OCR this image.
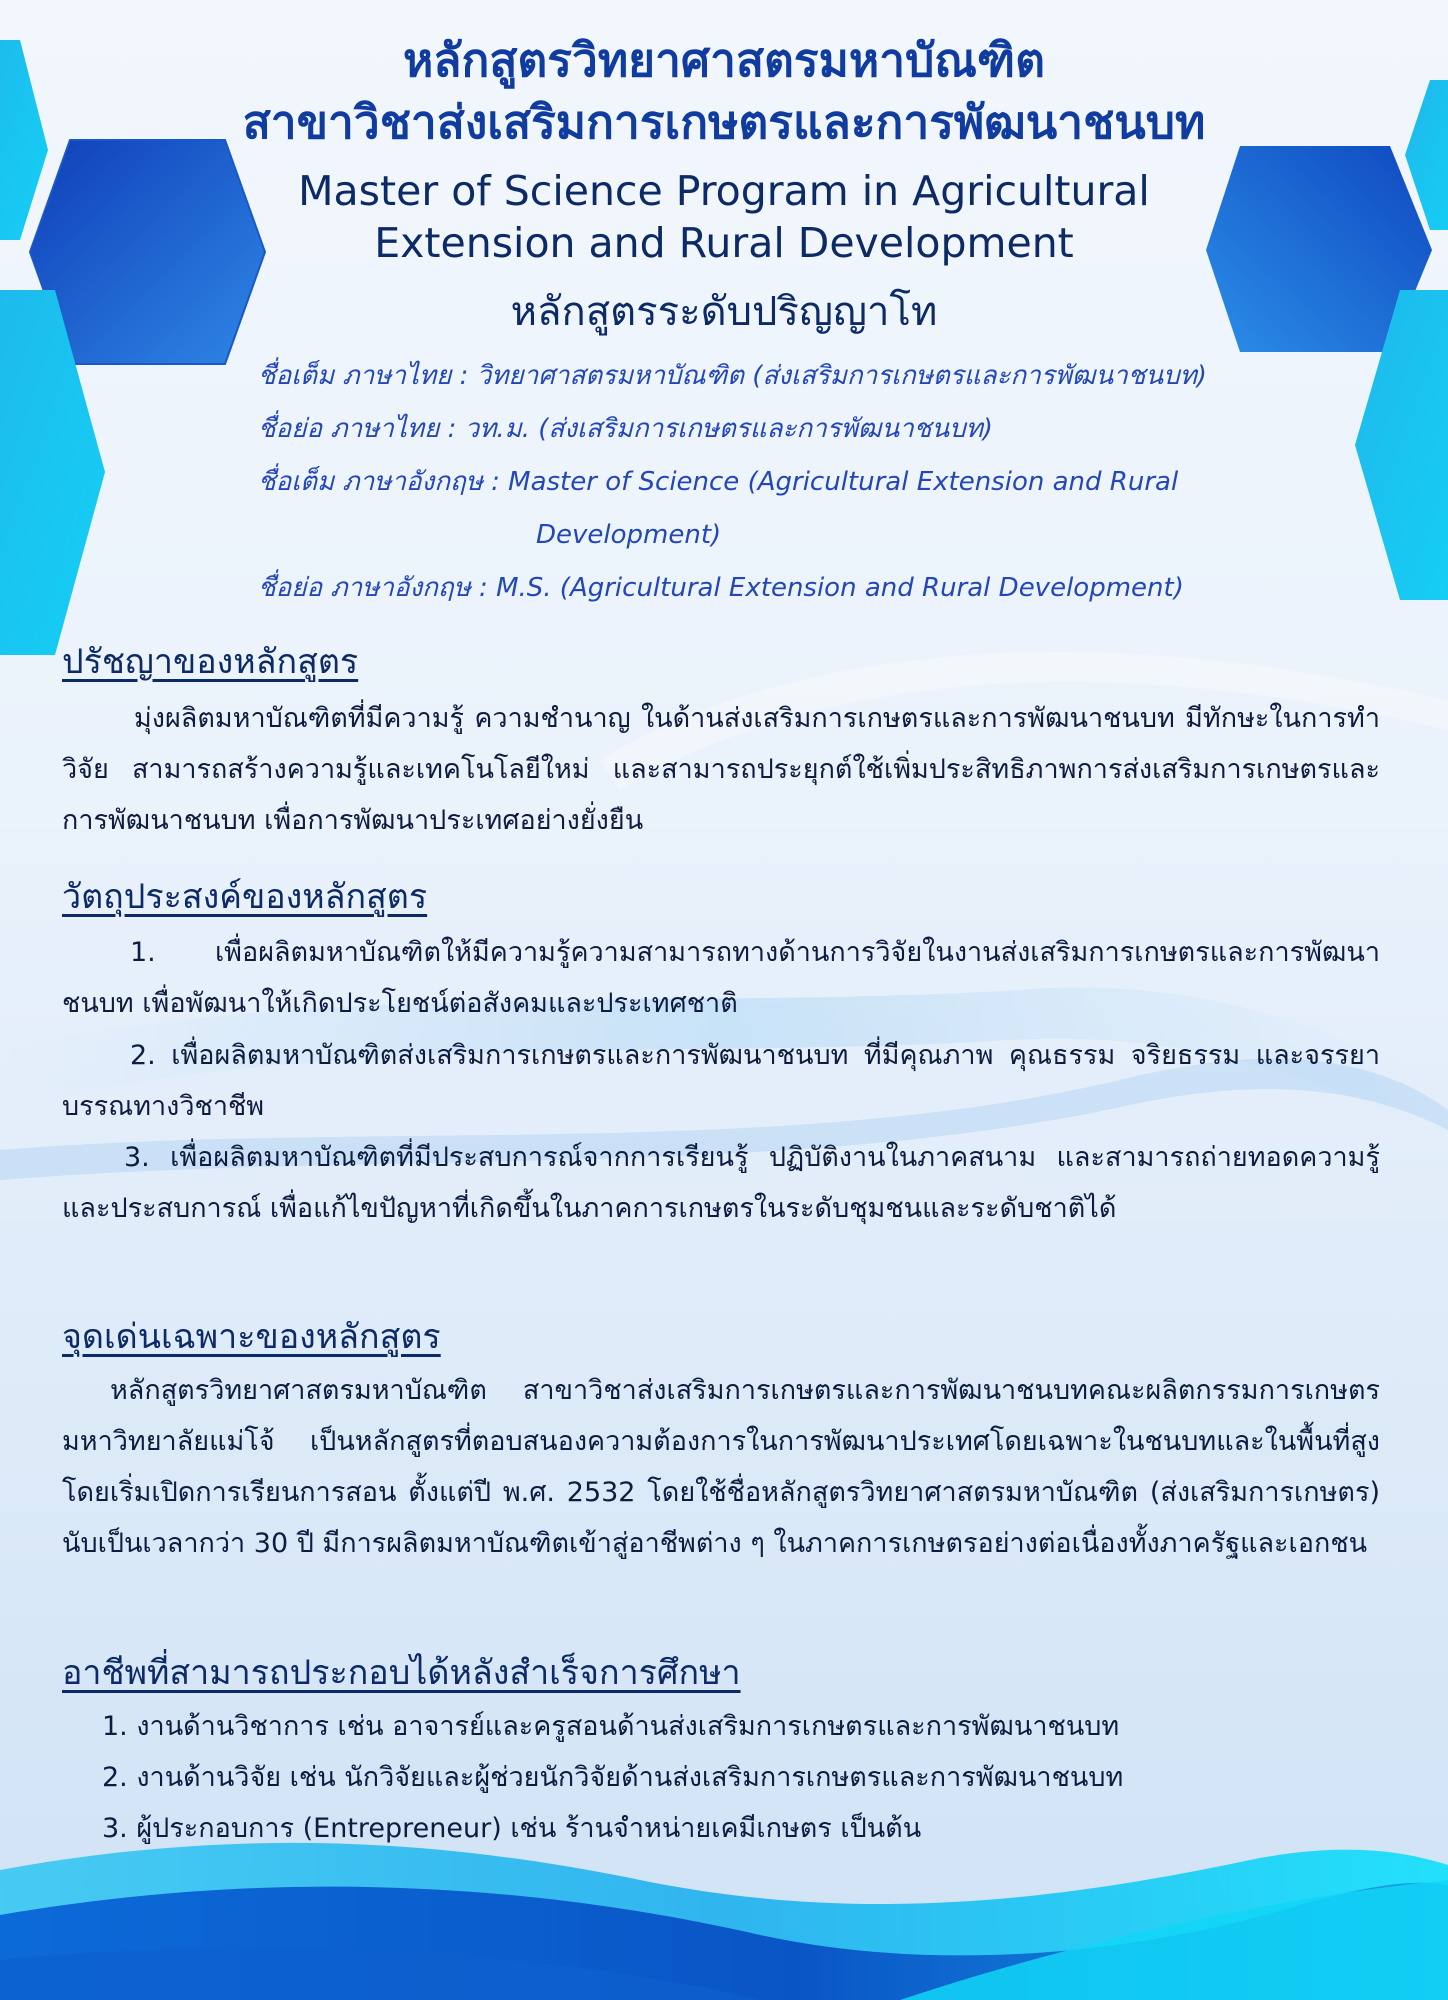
หลักสูตรวิทยาศาสตรมหาบัณฑิต
สาขาวิชาส่งเสริมการเกษตรและการพัฒนาชนบท

Master of Science Program in Agricultural

Extension and Rural Development

หลักสูตรระดับปริญญาโท

ชื่อเต็ม ภาษาไทย : วิทยาศาสตรมหาบัณฑิต (ส่งเสริมการเกษตรและการพัฒนาชนบท)
ชื่อย่อ ภาษาไทย : วท.ม. (ส่งเสริมการเกษตรและการพัฒนาชนบท)
ชื่อเต็ม ภาษาอังกฤษ : Master of Science (Agricultural Extension and Rural
Development)
ชื่อย่อ ภาษาอังกฤษ : M.S. (Agricultural Extension and Rural Development)
ปรัชญาของหลักสูตร

มุ่งผลิตมหาบัณฑิตที่มีความรู้ ความชำนาญ ในด้านส่งเสริมการเกษตรและการพัฒนาชนบท มีทักษะในการทำวิจัย สามารถสร้างความรู้และเทคโนโลยีใหม่ และสามารถประยุกต์ใช้เพิ่มประสิทธิภาพการส่งเสริมการเกษตรและการพัฒนาชนบท เพื่อการพัฒนาประเทศอย่างยั่งยืน

วัตถุประสงค์ของหลักสูตร

1. เพื่อผลิตมหาบัณฑิตให้มีความรู้ความสามารถทางด้านการวิจัยในงานส่งเสริมการเกษตรและการพัฒนาชนบท เพื่อพัฒนาให้เกิดประโยชน์ต่อสังคมและประเทศชาติ

2. เพื่อผลิตมหาบัณฑิตส่งเสริมการเกษตรและการพัฒนาชนบท ที่มีคุณภาพ คุณธรรม จริยธรรม และจรรยาบรรณทางวิชาชีพ

3. เพื่อผลิตมหาบัณฑิตที่มีประสบการณ์จากการเรียนรู้ ปฏิบัติงานในภาคสนาม และสามารถถ่ายทอดความรู้และประสบการณ์ เพื่อแก้ไขปัญหาที่เกิดขึ้นในภาคการเกษตรในระดับชุมชนและระดับชาติได้

จุดเด่นเฉพาะของหลักสูตร

หลักสูตรวิทยาศาสตรมหาบัณฑิต สาขาวิชาส่งเสริมการเกษตรและการพัฒนาชนบทคณะผลิตกรรมการเกษตร มหาวิทยาลัยแม่โจ้ เป็นหลักสูตรที่ตอบสนองความต้องการในการพัฒนาประเทศโดยเฉพาะในชนบทและในพื้นที่สูง โดยเริ่มเปิดการเรียนการสอน ตั้งแต่ปี พ.ศ. 2532 โดยใช้ชื่อหลักสูตรวิทยาศาสตรมหาบัณฑิต (ส่งเสริมการเกษตร) นับเป็นเวลากว่า 30 ปี มีการผลิตมหาบัณฑิตเข้าสู่อาชีพต่าง ๆ ในภาคการเกษตรอย่างต่อเนื่องทั้งภาครัฐและเอกชน

อาชีพที่สามารถประกอบได้หลังสำเร็จการศึกษา

1. งานด้านวิชาการ เช่น อาจารย์และครูสอนด้านส่งเสริมการเกษตรและการพัฒนาชนบท

2. งานด้านวิจัย เช่น นักวิจัยและผู้ช่วยนักวิจัยด้านส่งเสริมการเกษตรและการพัฒนาชนบท

3. ผู้ประกอบการ (Entrepreneur) เช่น ร้านจำหน่ายเคมีเกษตร เป็นต้น
